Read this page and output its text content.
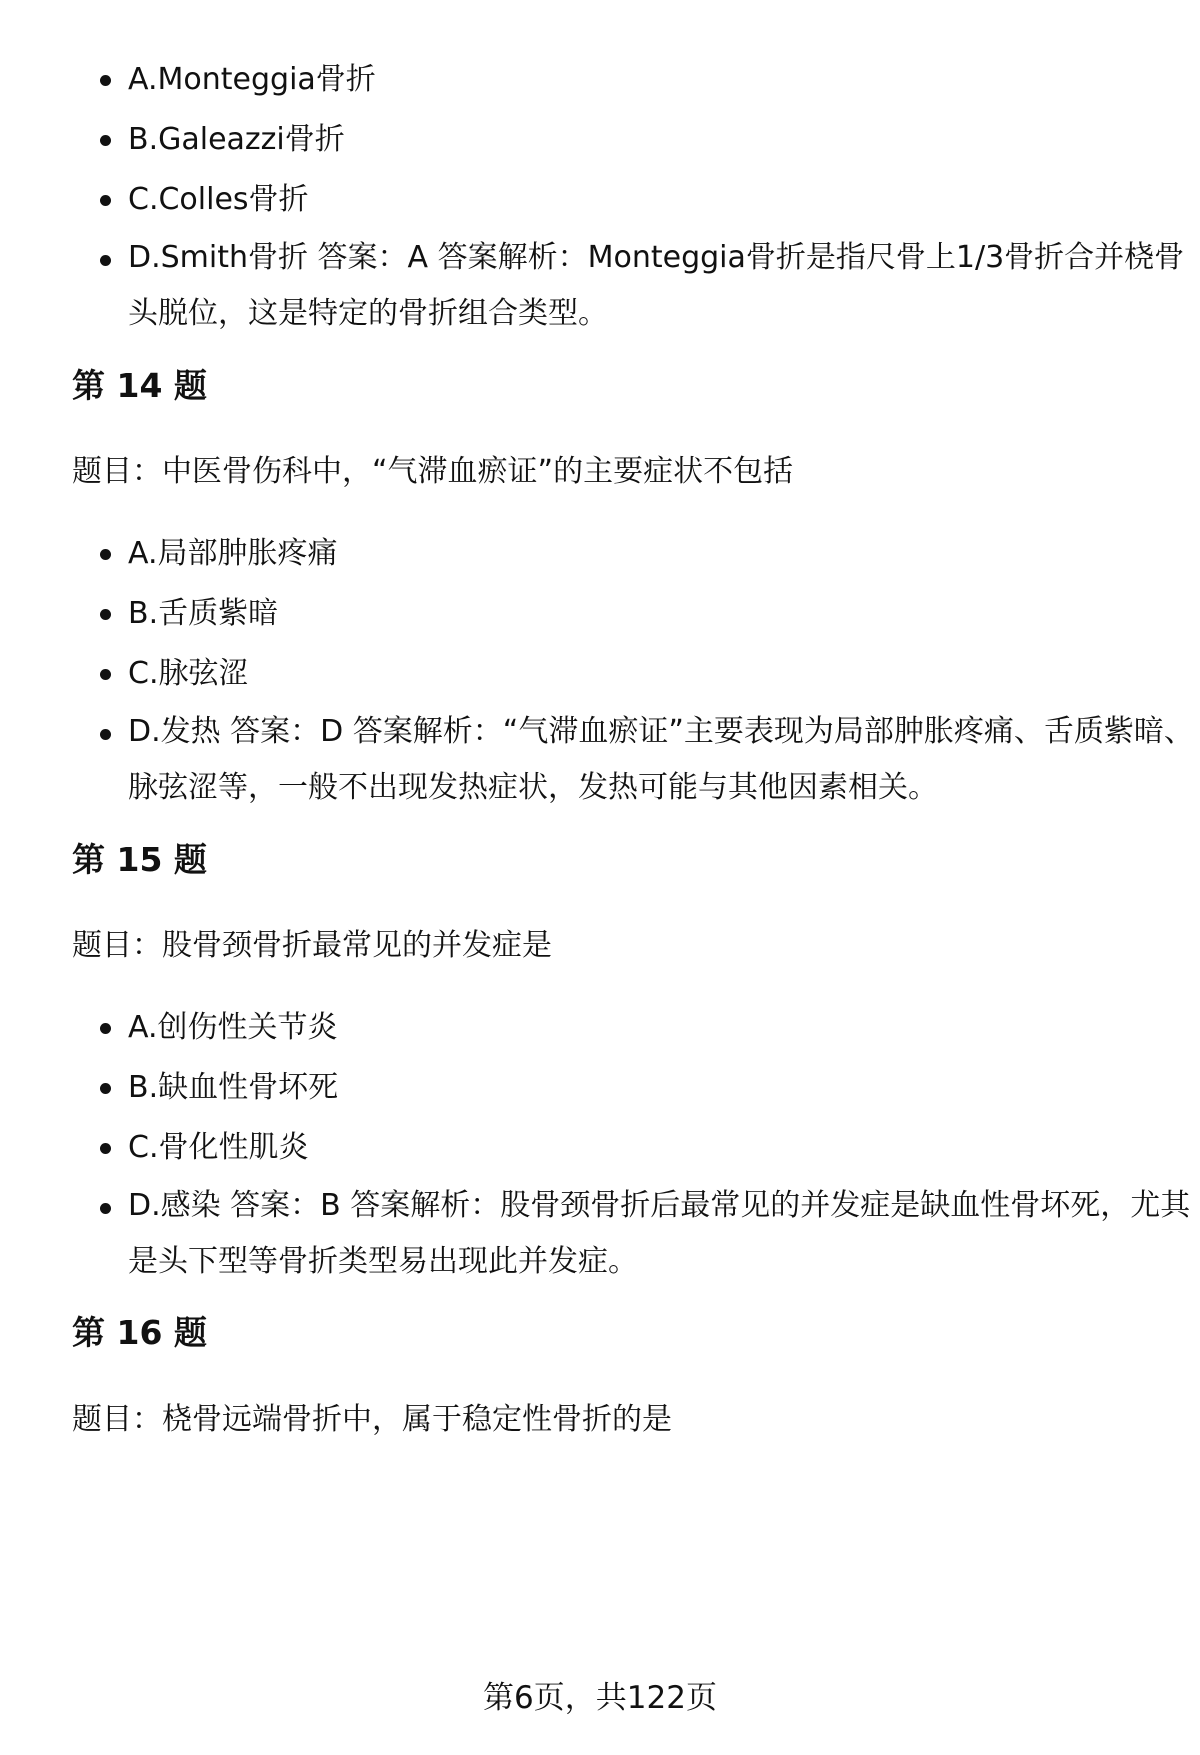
A.Monteggia骨折
B.Galeazzi骨折
C.Colles骨折
D.Smith骨折 答案：A 答案解析：Monteggia骨折是指尺骨上1/3骨折合并桡骨头脱位，这是特定的骨折组合类型。
第 14 题

题目：中医骨伤科中，“气滞血瘀证”的主要症状不包括

A.局部肿胀疼痛
B.舌质紫暗
C.脉弦涩
D.发热 答案：D 答案解析：“气滞血瘀证”主要表现为局部肿胀疼痛、舌质紫暗、脉弦涩等，一般不出现发热症状，发热可能与其他因素相关。
第 15 题

题目：股骨颈骨折最常见的并发症是

A.创伤性关节炎
B.缺血性骨坏死
C.骨化性肌炎
D.感染 答案：B 答案解析：股骨颈骨折后最常见的并发症是缺血性骨坏死，尤其是头下型等骨折类型易出现此并发症。
第 16 题

题目：桡骨远端骨折中，属于稳定性骨折的是

第6页，共122页
